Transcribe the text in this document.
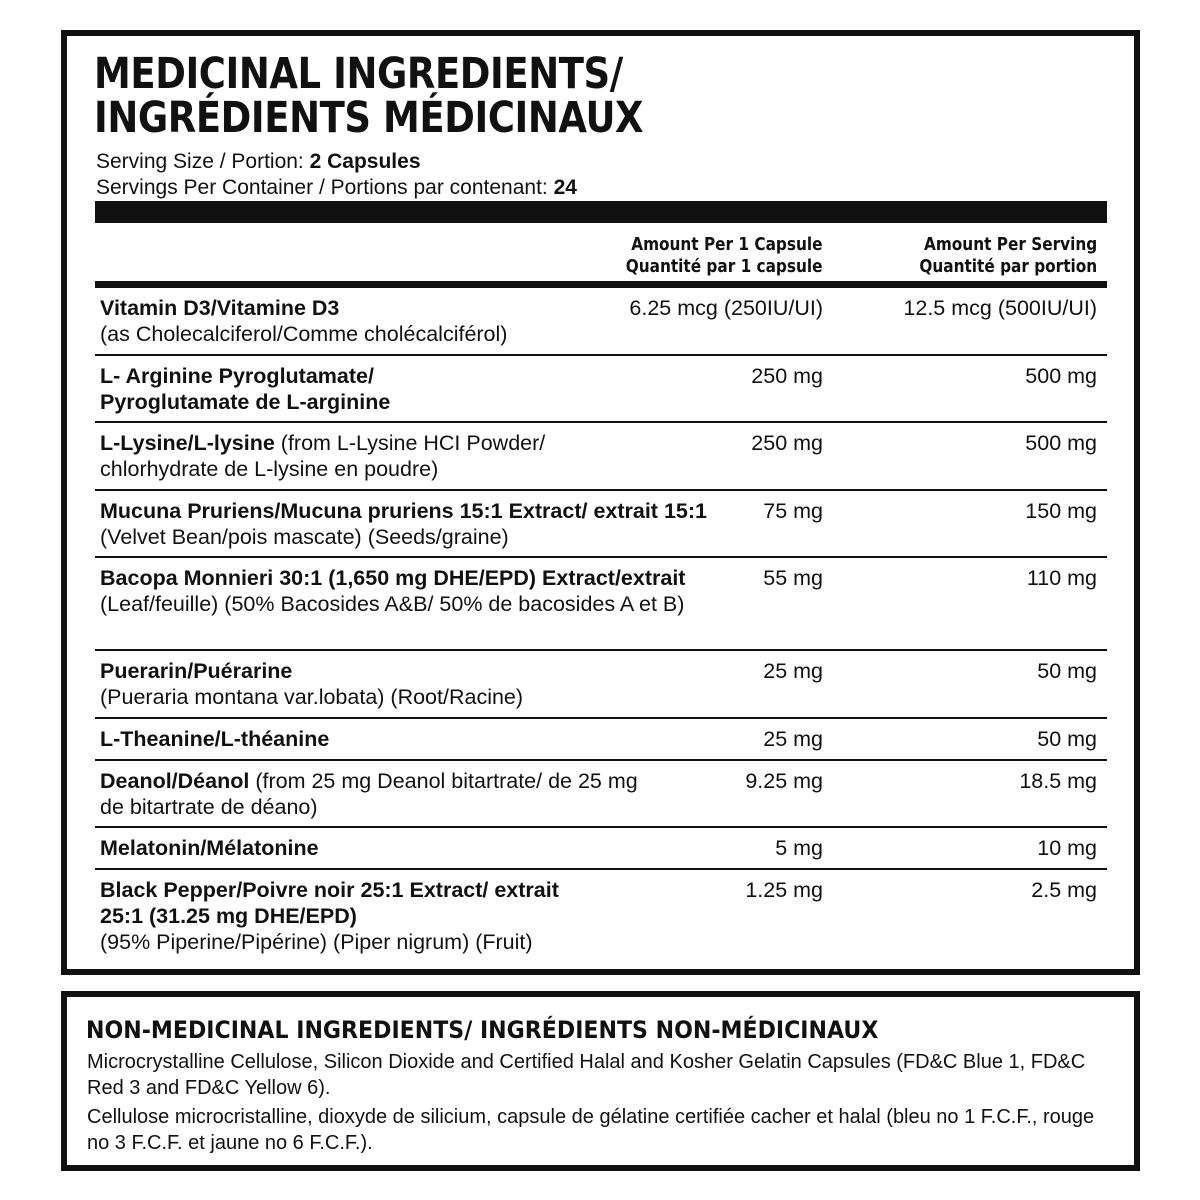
MEDICINAL INGREDIENTS/
INGRÉDIENTS MÉDICINAUX
Serving Size / Portion: 2 Capsules
Servings Per Container / Portions par contenant: 24
Amount Per 1 Capsule
Quantité par 1 capsule
Amount Per Serving
Quantité par portion
Vitamin D3/Vitamine D3
(as Cholecalciferol/Comme cholécalciférol)
6.25 mcg (250IU/UI)	12.5 mcg (500IU/UI)
L- Arginine Pyroglutamate/ Pyroglutamate de L-arginine
250 mg	500 mg
L-Lysine/L-lysine (from L-Lysine HCI Powder/ chlorhydrate de L-lysine en poudre)
250 mg	500 mg
Mucuna Pruriens/Mucuna pruriens 15:1 Extract/ extrait 15:1 (Velvet Bean/pois mascate) (Seeds/graine)
75 mg	150 mg
Bacopa Monnieri 30:1 (1,650 mg DHE/EPD) Extract/extrait (Leaf/feuille) (50% Bacosides A&B/ 50% de bacosides A et B)
55 mg	110 mg
Puerarin/Puérarine
(Pueraria montana var.lobata) (Root/Racine)
25 mg	50 mg
L-Theanine/L-théanine	25 mg	50 mg
Deanol/Déanol (from 25 mg Deanol bitartrate/ de 25 mg de bitartrate de déano)
9.25 mg	18.5 mg
Melatonin/Mélatonine	5 mg	10 mg
Black Pepper/Poivre noir 25:1 Extract/ extrait 25:1 (31.25 mg DHE/EPD)
(95% Piperine/Pipérine) (Piper nigrum) (Fruit)
1.25 mg	2.5 mg
NON-MEDICINAL INGREDIENTS/ INGRÉDIENTS NON-MÉDICINAUX

Microcrystalline Cellulose, Silicon Dioxide and Certified Halal and Kosher Gelatin Capsules (FD&C Blue 1, FD&C Red 3 and FD&C Yellow 6).

Cellulose microcristalline, dioxyde de silicium, capsule de gélatine certifiée cacher et halal (bleu no 1 F.C.F., rouge no 3 F.C.F. et jaune no 6 F.C.F.).
